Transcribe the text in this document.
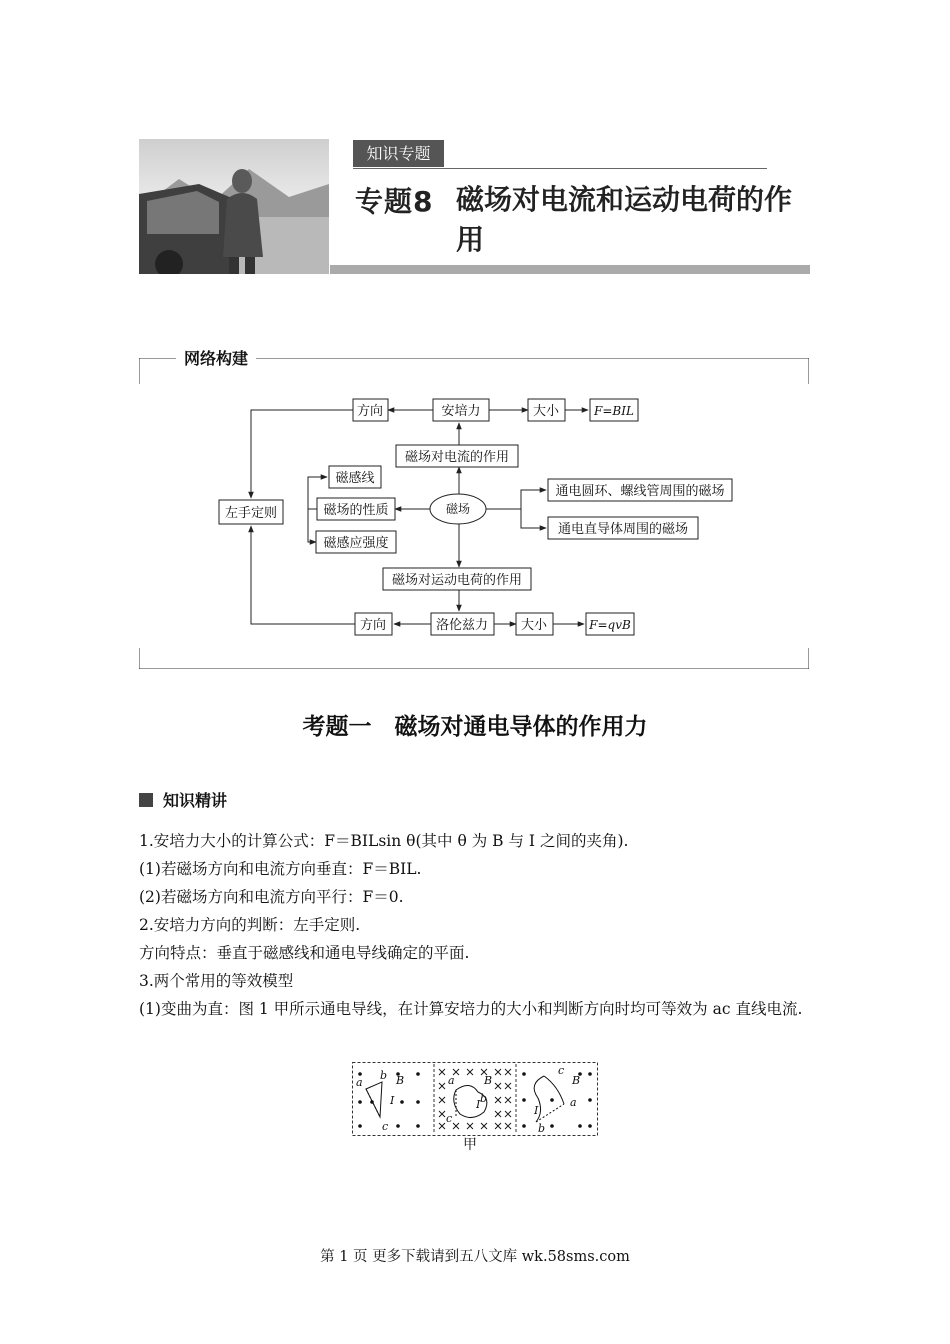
知识专题
专题8 磁场对电流和运动电荷的作用
网络构建
方向	安培力	大小	F=BIL
磁场对电流的作用
磁感线
磁场的性质
磁感应强度
左手定则	磁场
通电圆环、螺线管周围的磁场
通电直导体周围的磁场
磁场对运动电荷的作用
方向	洛伦兹力	大小	F=qvB
考题一　磁场对通电导体的作用力
知识精讲

1.安培力大小的计算公式：F＝BILsin θ(其中 θ 为 B 与 I 之间的夹角).

(1)若磁场方向和电流方向垂直：F＝BIL.

(2)若磁场方向和电流方向平行：F＝0.

2.安培力方向的判断：左手定则.

方向特点：垂直于磁感线和通电导线确定的平面.

3.两个常用的等效模型

(1)变曲为直：图 1 甲所示通电导线，在计算安培力的大小和判断方向时均可等效为 ac 直线电流.

a
b
c
B
I
a
b
c
B
I
c
a
b
B
I
甲
第 1 页 更多下载请到五八文库 wk.58sms.com
